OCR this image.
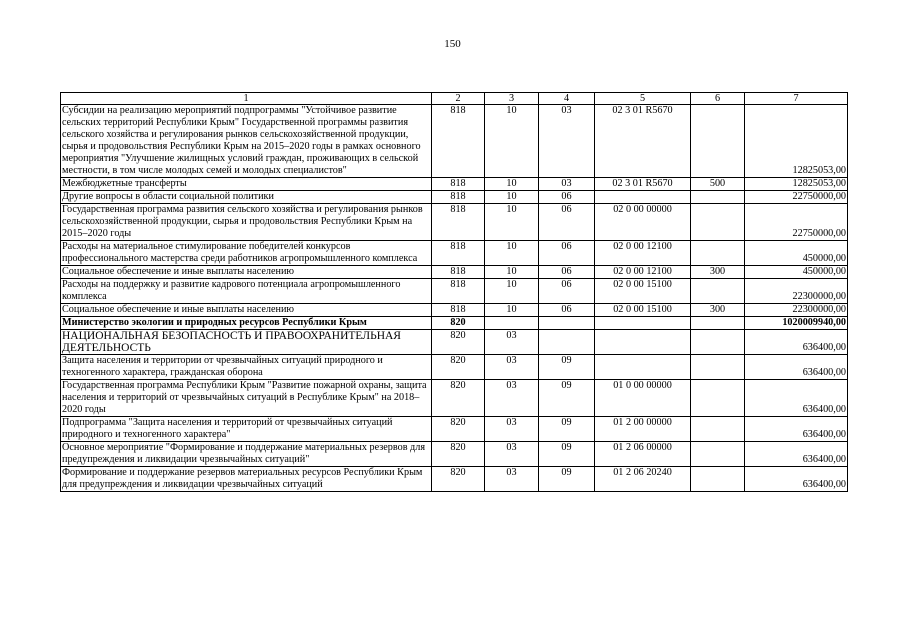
150
1	2	3	4	5	6	7
Субсидии на реализацию мероприятий подпрограммы "Устойчивое развитие сельских территорий Республики Крым" Государственной программы развития сельского хозяйства и регулирования рынков сельскохозяйственной продукции, сырья и продовольствия Республики Крым на 2015–2020 годы в рамках основного мероприятия "Улучшение жилищных условий граждан, проживающих в сельской местности, в том числе молодых семей и молодых специалистов"	818	10	03	02 3 01 R5670		12825053,00
Межбюджетные трансферты	818	10	03	02 3 01 R5670	500	12825053,00
Другие вопросы в области социальной политики	818	10	06			22750000,00
Государственная программа развития сельского хозяйства и регулирования рынков сельскохозяйственной продукции, сырья и продовольствия Республики Крым на 2015–2020 годы	818	10	06	02 0 00 00000		22750000,00
Расходы на материальное стимулирование победителей конкурсов профессионального мастерства среди работников агропромышленного комплекса	818	10	06	02 0 00 12100		450000,00
Социальное обеспечение и иные выплаты населению	818	10	06	02 0 00 12100	300	450000,00
Расходы на поддержку и развитие кадрового потенциала агропромышленного комплекса	818	10	06	02 0 00 15100		22300000,00
Социальное обеспечение и иные выплаты населению	818	10	06	02 0 00 15100	300	22300000,00
Министерство экологии и природных ресурсов Республики Крым	820					1020009940,00
НАЦИОНАЛЬНАЯ БЕЗОПАСНОСТЬ И ПРАВООХРАНИТЕЛЬНАЯ ДЕЯТЕЛЬНОСТЬ	820	03				636400,00
Защита населения и территории от чрезвычайных ситуаций природного и техногенного характера, гражданская оборона	820	03	09			636400,00
Государственная программа Республики Крым "Развитие пожарной охраны, защита населения и территорий от чрезвычайных ситуаций в Республике Крым" на 2018–2020 годы	820	03	09	01 0 00 00000		636400,00
Подпрограмма "Защита населения и территорий от чрезвычайных ситуаций природного и техногенного характера"	820	03	09	01 2 00 00000		636400,00
Основное мероприятие "Формирование и поддержание материальных резервов для предупреждения и ликвидации чрезвычайных ситуаций"	820	03	09	01 2 06 00000		636400,00
Формирование и поддержание резервов материальных ресурсов Республики Крым для предупреждения и ликвидации чрезвычайных ситуаций	820	03	09	01 2 06 20240		636400,00
